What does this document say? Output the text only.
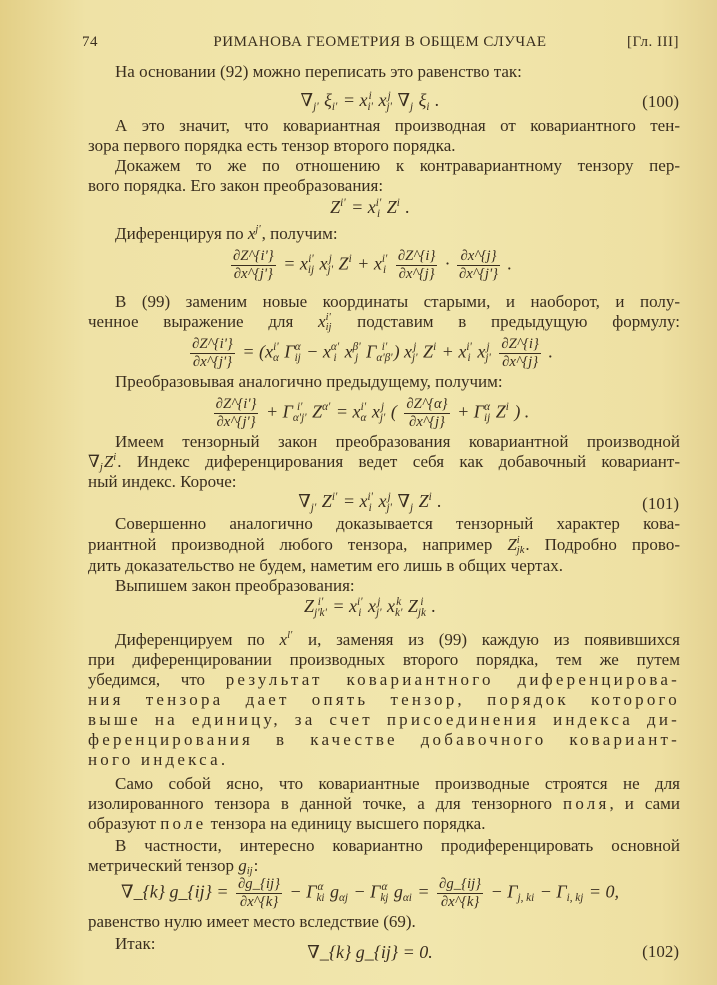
74	РИМАНОВА ГЕОМЕТРИЯ В ОБЩЕМ СЛУЧАЕ	[Гл. III]
На основании (92) можно переписать это равенство так:
∇ j' ξ i' = x i
i' x j
j' ∇ j ξ i .	(100)
А это значит, что ковариантная производная от ковариантного тен-
зора первого порядка есть тензор второго порядка.
Докажем то же по отношению к контравариантному тензору пер-
вого порядка. Его закон преобразования:
Z i' = x i'
i Z i .
Диференцируя по x j' , получим:
$\frac{\partial Z\^{}\{i'\}}{\partial x\^{}\{j'\}} = x$ i'
ij x j
j' Z i + x i'
i
$\frac{\partial Z\^{}\{i\}}{\partial x\^{}\{j\}} \cdot \frac{\partial x\^{}\{j\}}{\partial x\^{}\{j'\}}$ .
В (99) заменим новые координаты старыми, и наоборот, и полу-
ченное выражение для x i'
ij подставим в предыдущую формулу:
$\frac{\partial Z\^{}\{i'\}}{\partial x\^{}\{j'\}} = (x$ i'
α Γ α
ij − x α'
i x β'
j Γ i'
α'β' ) x j
j' Z i + x i'
i x j
j'
$\frac{\partial Z\^{}\{i\}}{\partial x\^{}\{j\}}$ .
Преобразовывая аналогично предыдущему, получим:
$\frac{\partial Z\^{}\{i'\}}{\partial x\^{}\{j'\}} + \Gamma$ i'
α'j' Z α' = x i'
α x j
j' ( $\frac{\partial Z\^{}\{\alpha\}}{\partial x\^{}\{j\}} + \Gamma$ α
ij Z i ) .
Имеем тензорный закон преобразования ковариантной производной
∇ j Z i . Индекс диференцирования ведет себя как добавочный ковариант-
ный индекс. Короче:
∇ j' Z i' = x i'
i x j
j' ∇ j Z i .	(101)
Совершенно аналогично доказывается тензорный характер кова-
риантной производной любого тензора, например Z i
jk . Подробно прово-
дить доказательство не будем, наметим его лишь в общих чертах.
Выпишем закон преобразования:
Z i'
j'k' = x i'
i x j
j' x k
k' Z i
jk .
Диференцируем по x l' и, заменяя из (99) каждую из появившихся
при диференцировании производных второго порядка, тем же путем
убедимся, что результат ковариантного диференцирова-
ния тензора дает опять тензор, порядок которого
выше на единицу, за счет присоединения индекса ди-
ференцирования в качестве добавочного ковариант-
ного индекса.
Само собой ясно, что ковариантные производные строятся не для
изолированного тензора в данной точке, а для тензорного поля, и сами
образуют поле тензора на единицу высшего порядка.
В частности, интересно ковариантно продиференцировать основной
метрический тензор g ij :
∇_{k} g_{ij} = $\frac{\partial g\_\{ij\}}{\partial x\^{}\{k\}} - \Gamma$ α
ki g αj − Γ α
kj g $\alpha i = \frac{\partial g\_\{ij\}}{\partial x\^{}\{k\}} - \Gamma$ j, ki − Γ i, kj = 0,
равенство нулю имеет место вследствие (69).
Итак:	∇_{k} g_{ij} = 0.	(102)
